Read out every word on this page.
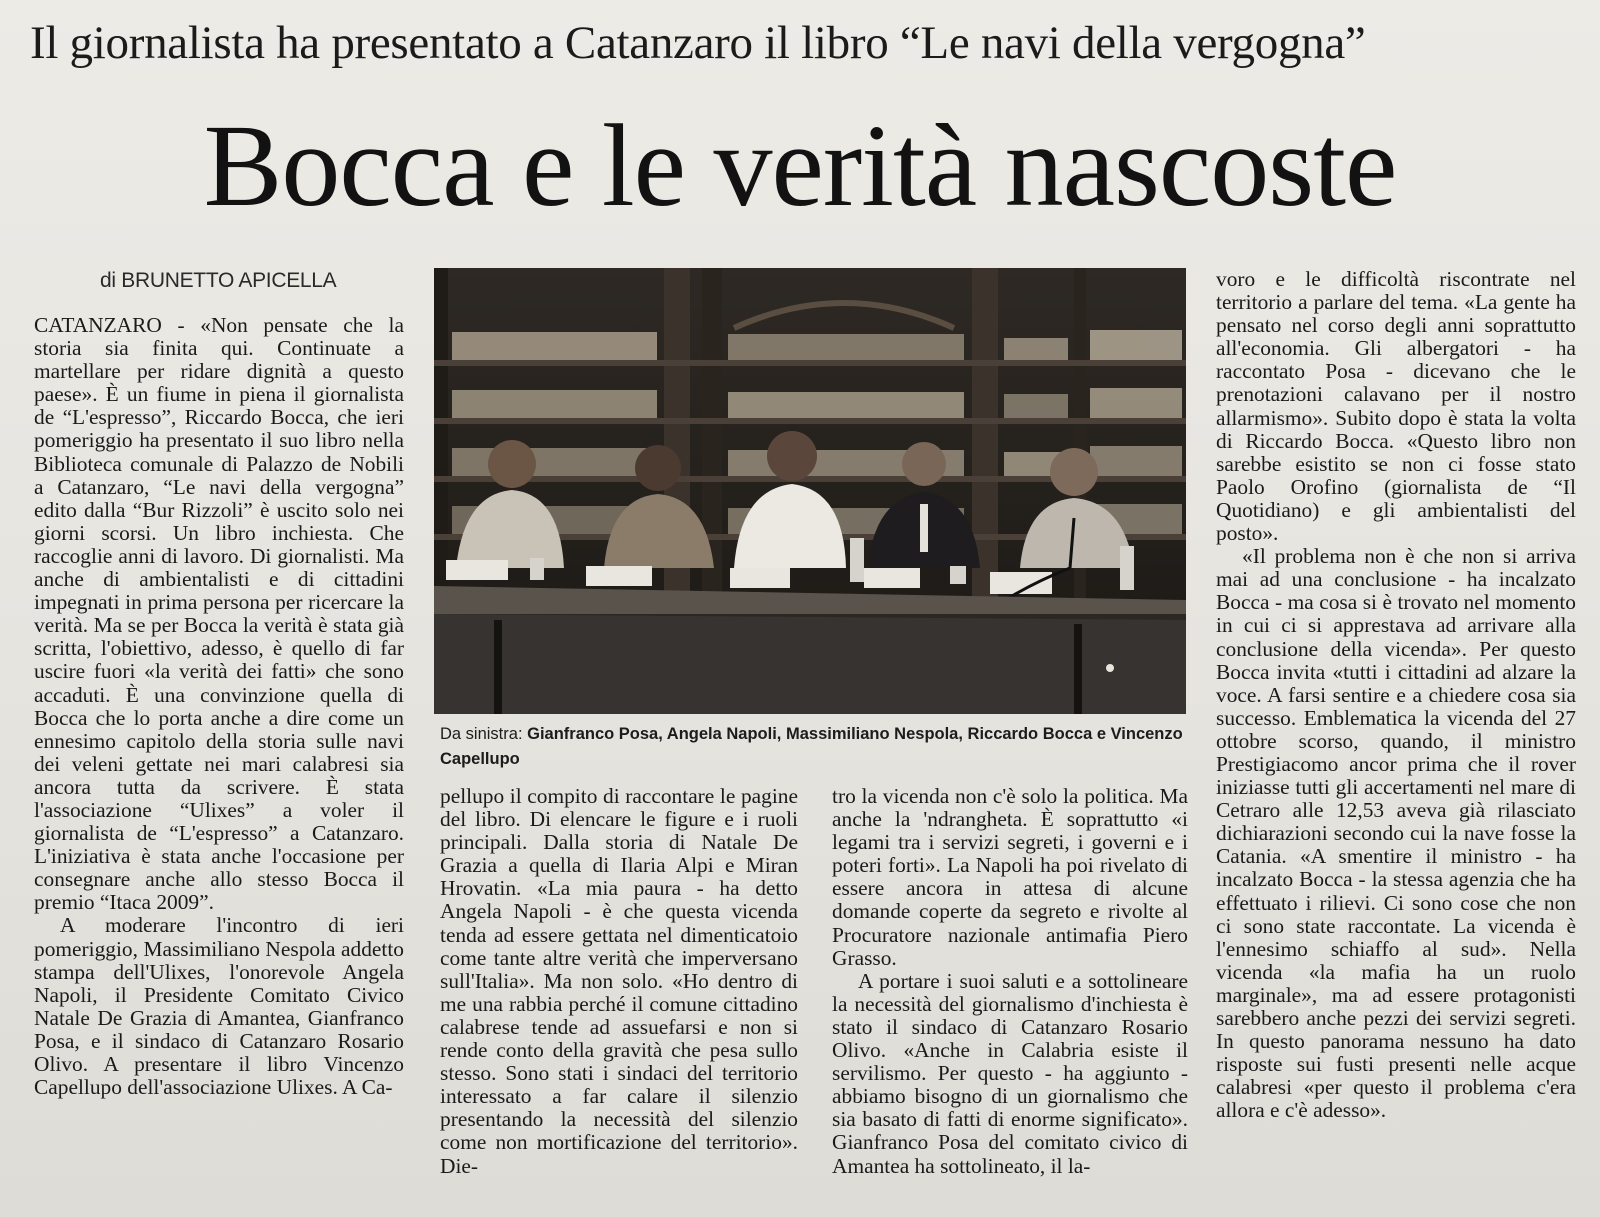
Il giornalista ha presentato a Catanzaro il libro “Le navi della vergogna”
Bocca e le verità nascoste
di BRUNETTO APICELLA

CATANZARO - «Non pensate che la storia sia finita qui. Continuate a martellare per ridare dignità a questo paese». È un fiume in piena il giornalista de “L'espresso”, Riccardo Bocca, che ieri pomeriggio ha presentato il suo libro nella Biblioteca comunale di Palazzo de Nobili a Catanzaro, “Le navi della vergogna” edito dalla “Bur Rizzoli” è uscito solo nei giorni scorsi. Un libro inchiesta. Che raccoglie anni di lavoro. Di giornalisti. Ma anche di ambientalisti e di cittadini impegnati in prima persona per ricercare la verità. Ma se per Bocca la verità è stata già scritta, l'obiettivo, adesso, è quello di far uscire fuori «la verità dei fatti» che sono accaduti. È una convinzione quella di Bocca che lo porta anche a dire come un ennesimo capitolo della storia sulle navi dei veleni gettate nei mari calabresi sia ancora tutta da scrivere. È stata l'associazione “Ulixes” a voler il giornalista de “L'espresso” a Catanzaro. L'iniziativa è stata anche l'occasione per consegnare anche allo stesso Bocca il premio “Itaca 2009”.

A moderare l'incontro di ieri pomeriggio, Massimiliano Nespola addetto stampa dell'Ulixes, l'onorevole Angela Napoli, il Presidente Comitato Civico Natale De Grazia di Amantea, Gianfranco Posa, e il sindaco di Catanzaro Rosario Olivo. A presentare il libro Vincenzo Capellupo dell'associazione Ulixes. A Ca-

Da sinistra: Gianfranco Posa, Angela Napoli, Massimiliano Nespola, Riccardo Bocca e Vincenzo Capellupo

pellupo il compito di raccontare le pagine del libro. Di elencare le figure e i ruoli principali. Dalla storia di Natale De Grazia a quella di Ilaria Alpi e Miran Hrovatin. «La mia paura - ha detto Angela Napoli - è che questa vicenda tenda ad essere gettata nel dimenticatoio come tante altre verità che imperversano sull'Italia». Ma non solo. «Ho dentro di me una rabbia perché il comune cittadino calabrese tende ad assuefarsi e non si rende conto della gravità che pesa sullo stesso. Sono stati i sindaci del territorio interessato a far calare il silenzio presentando la necessità del silenzio come non mortificazione del territorio». Die-

tro la vicenda non c'è solo la politica. Ma anche la 'ndrangheta. È soprattutto «i legami tra i servizi segreti, i governi e i poteri forti». La Napoli ha poi rivelato di essere ancora in attesa di alcune domande coperte da segreto e rivolte al Procuratore nazionale antimafia Piero Grasso.

A portare i suoi saluti e a sottolineare la necessità del giornalismo d'inchiesta è stato il sindaco di Catanzaro Rosario Olivo. «Anche in Calabria esiste il servilismo. Per questo - ha aggiunto - abbiamo bisogno di un giornalismo che sia basato di fatti di enorme significato». Gianfranco Posa del comitato civico di Amantea ha sottolineato, il la-

voro e le difficoltà riscontrate nel territorio a parlare del tema. «La gente ha pensato nel corso degli anni soprattutto all'economia. Gli albergatori - ha raccontato Posa - dicevano che le prenotazioni calavano per il nostro allarmismo». Subito dopo è stata la volta di Riccardo Bocca. «Questo libro non sarebbe esistito se non ci fosse stato Paolo Orofino (giornalista de “Il Quotidiano) e gli ambientalisti del posto».

«Il problema non è che non si arriva mai ad una conclusione - ha incalzato Bocca - ma cosa si è trovato nel momento in cui ci si apprestava ad arrivare alla conclusione della vicenda». Per questo Bocca invita «tutti i cittadini ad alzare la voce. A farsi sentire e a chiedere cosa sia successo. Emblematica la vicenda del 27 ottobre scorso, quando, il ministro Prestigiacomo ancor prima che il rover iniziasse tutti gli accertamenti nel mare di Cetraro alle 12,53 aveva già rilasciato dichiarazioni secondo cui la nave fosse la Catania. «A smentire il ministro - ha incalzato Bocca - la stessa agenzia che ha effettuato i rilievi. Ci sono cose che non ci sono state raccontate. La vicenda è l'ennesimo schiaffo al sud». Nella vicenda «la mafia ha un ruolo marginale», ma ad essere protagonisti sarebbero anche pezzi dei servizi segreti. In questo panorama nessuno ha dato risposte sui fusti presenti nelle acque calabresi «per questo il problema c'era allora e c'è adesso».
